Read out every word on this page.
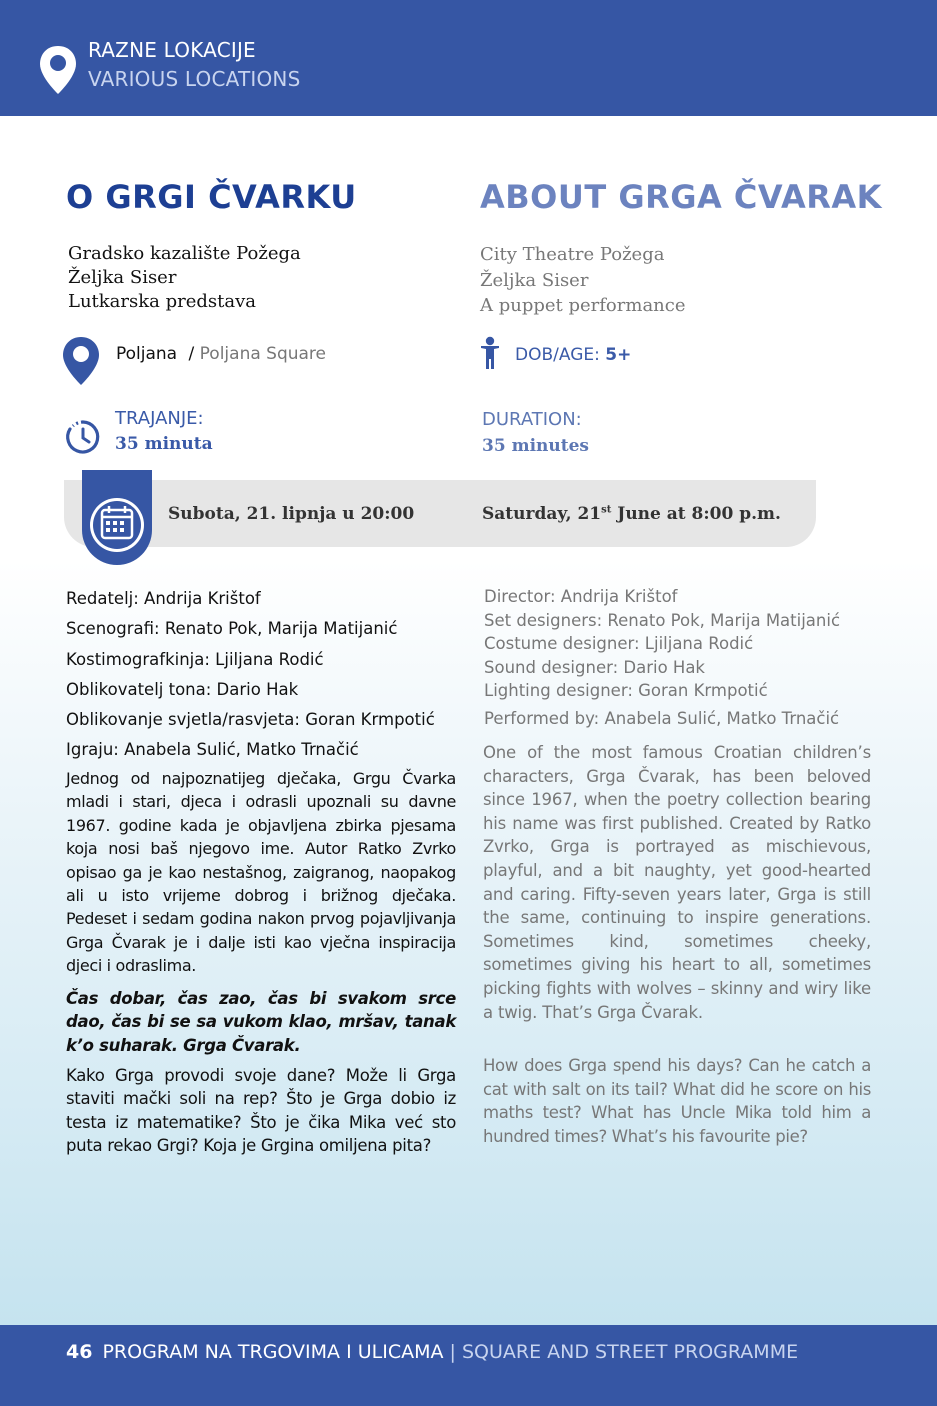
RAZNE LOKACIJE
VARIOUS LOCATIONS
O GRGI ČVARKU	ABOUT GRGA ČVARAK
Gradsko kazalište Požega
Željka Siser
Lutkarska predstava
City Theatre Požega
Željka Siser
A puppet performance
Poljana / Poljana Square	DOB/AGE: 5+
TRAJANJE:
35 minuta
DURATION:
35 minutes
Subota, 21. lipnja u 20:00	Saturday, 21st June at 8:00 p.m.
Redatelj: Andrija Krištof
Scenografi: Renato Pok, Marija Matijanić
Kostimografkinja: Ljiljana Rodić
Oblikovatelj tona: Dario Hak
Oblikovanje svjetla/rasvjeta: Goran Krmpotić
Igraju: Anabela Sulić, Matko Trnačić
Director: Andrija Krištof
Set designers: Renato Pok, Marija Matijanić
Costume designer: Ljiljana Rodić
Sound designer: Dario Hak
Lighting designer: Goran Krmpotić
Performed by: Anabela Sulić, Matko Trnačić
Jednog od najpoznatijeg dječaka, Grgu Čvarka mladi i stari, djeca i odrasli upoznali su davne 1967. godine kada je objavljena zbirka pjesama koja nosi baš njegovo ime. Autor Ratko Zvrko opisao ga je kao nestašnog, zaigranog, naopakog ali u isto vrijeme dobrog i brižnog dječaka. Pedeset i sedam godina nakon prvog pojavljivanja Grga Čvarak je i dalje isti kao vječna inspiracija djeci i odraslima.
Čas dobar, čas zao, čas bi svakom srce dao, čas bi se sa vukom klao, mršav, tanak k’o suharak. Grga Čvarak.
Kako Grga provodi svoje dane? Može li Grga staviti mački soli na rep? Što je Grga dobio iz testa iz matematike? Što je čika Mika već sto puta rekao Grgi? Koja je Grgina omiljena pita?
One of the most famous Croatian children’s characters, Grga Čvarak, has been beloved since 1967, when the poetry collection bearing his name was first published. Created by Ratko Zvrko, Grga is portrayed as mischievous, playful, and a bit naughty, yet good-hearted and caring. Fifty-seven years later, Grga is still the same, continuing to inspire generations. Sometimes kind, sometimes cheeky, sometimes giving his heart to all, sometimes picking fights with wolves – skinny and wiry like a twig. That’s Grga Čvarak.
How does Grga spend his days? Can he catch a cat with salt on its tail? What did he score on his maths test? What has Uncle Mika told him a hundred times? What’s his favourite pie?
46 PROGRAM NA TRGOVIMA I ULICAMA | SQUARE AND STREET PROGRAMME
